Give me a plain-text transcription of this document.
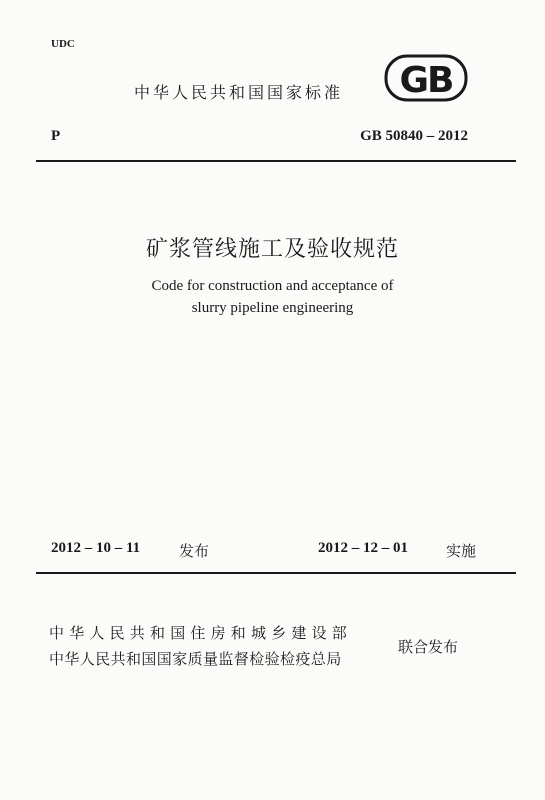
UDC
中华人民共和国国家标准 GB
P	GB 50840 – 2012
矿浆管线施工及验收规范
Code for construction and acceptance of
slurry pipeline engineering
2012 – 10 – 11	发布	2012 – 12 – 01	实施
中华人民共和国住房和城乡建设部
中华人民共和国国家质量监督检验检疫总局
联合发布
